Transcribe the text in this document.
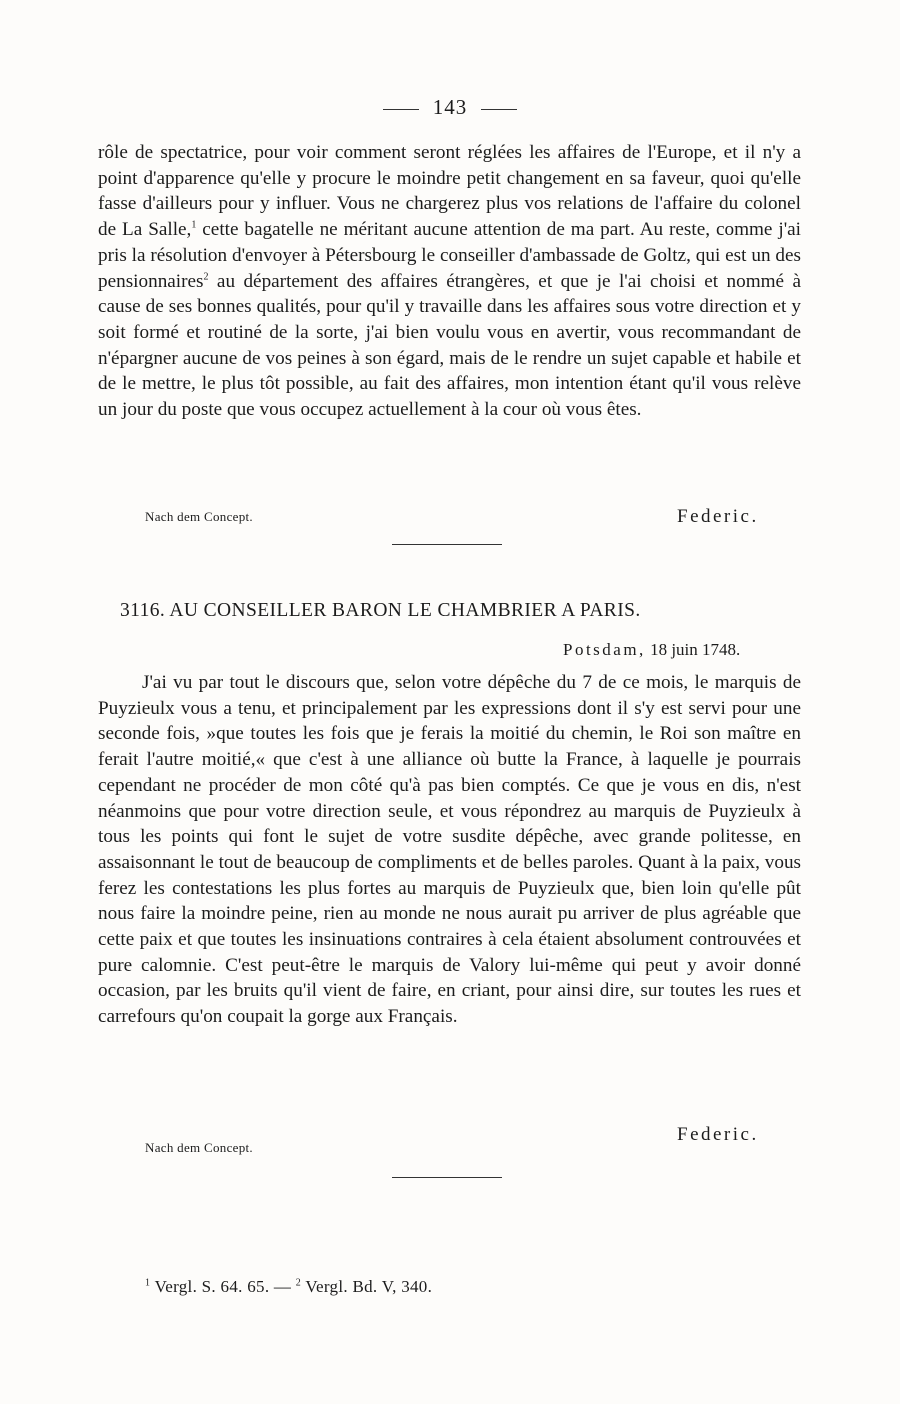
143

rôle de spectatrice, pour voir comment seront réglées les affaires de l'Europe, et il n'y a point d'apparence qu'elle y procure le moindre petit changement en sa faveur, quoi qu'elle fasse d'ailleurs pour y influer. Vous ne chargerez plus vos relations de l'affaire du colonel de La Salle,$^1$ cette bagatelle ne méritant aucune attention de ma part. Au reste, comme j'ai pris la résolution d'envoyer à Pétersbourg le conseiller d'ambassade de Goltz, qui est un des pensionnaires$^2$ au département des affaires étrangères, et que je l'ai choisi et nommé à cause de ses bonnes qualités, pour qu'il y travaille dans les affaires sous votre direction et y soit formé et routiné de la sorte, j'ai bien voulu vous en avertir, vous recommandant de n'épargner aucune de vos peines à son égard, mais de le rendre un sujet capable et habile et de le mettre, le plus tôt possible, au fait des affaires, mon intention étant qu'il vous relève un jour du poste que vous occupez actuellement à la cour où vous êtes.

Nach dem Concept.	Federic.
3116. AU CONSEILLER BARON LE CHAMBRIER A PARIS.
Potsdam, 18 juin 1748.

J'ai vu par tout le discours que, selon votre dépêche du 7 de ce mois, le marquis de Puyzieulx vous a tenu, et principalement par les expressions dont il s'y est servi pour une seconde fois, »que toutes les fois que je ferais la moitié du chemin, le Roi son maître en ferait l'autre moitié,« que c'est à une alliance où butte la France, à laquelle je pourrais cependant ne procéder de mon côté qu'à pas bien comptés. Ce que je vous en dis, n'est néanmoins que pour votre direction seule, et vous répondrez au marquis de Puyzieulx à tous les points qui font le sujet de votre susdite dépêche, avec grande politesse, en assaisonnant le tout de beaucoup de compliments et de belles paroles. Quant à la paix, vous ferez les contestations les plus fortes au marquis de Puyzieulx que, bien loin qu'elle pût nous faire la moindre peine, rien au monde ne nous aurait pu arriver de plus agréable que cette paix et que toutes les insinuations contraires à cela étaient absolument controuvées et pure calomnie. C'est peut-être le marquis de Valory lui-même qui peut y avoir donné occasion, par les bruits qu'il vient de faire, en criant, pour ainsi dire, sur toutes les rues et carrefours qu'on coupait la gorge aux Français.

Federic.
Nach dem Concept.
$^1$ Vergl. S. 64. 65. — $^2$ Vergl. Bd. V, 340.
